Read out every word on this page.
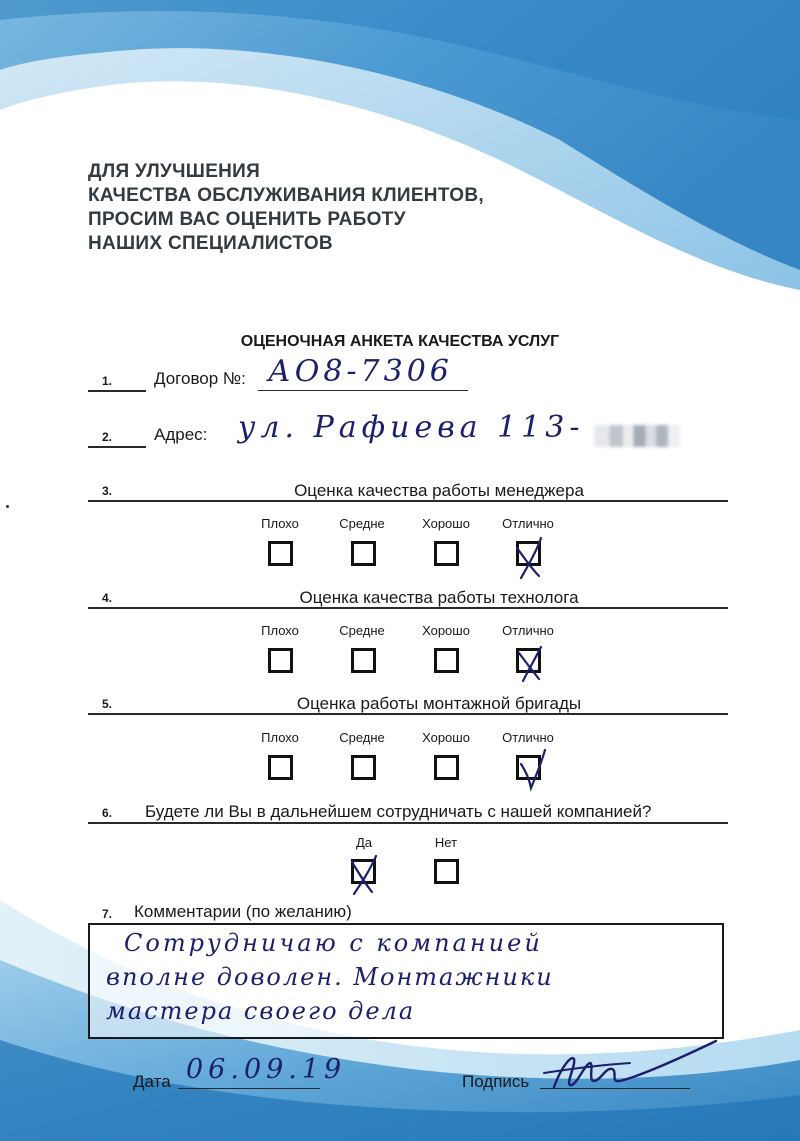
ДЛЯ УЛУЧШЕНИЯ
КАЧЕСТВА ОБСЛУЖИВАНИЯ КЛИЕНТОВ,
ПРОСИМ ВАС ОЦЕНИТЬ РАБОТУ
НАШИХ СПЕЦИАЛИСТОВ
ОЦЕНОЧНАЯ АНКЕТА КАЧЕСТВА УСЛУГ
1. Договор №: АО8-7306
2. Адрес: ул. Рафиева 113-
3.	Оценка качества работы менеджера
Плохо	Средне	Хорошо	Отлично
4.	Оценка качества работы технолога
Плохо	Средне	Хорошо	Отлично
5.	Оценка работы монтажной бригады
Плохо	Средне	Хорошо	Отлично
6. Будете ли Вы в дальнейшем сотрудничать с нашей компанией?
Да	Нет
7. Комментарии (по желанию)
Сотрудничаю с компанией
вполне доволен. Монтажники
мастера своего дела
Дата 06.09.19	Подпись
